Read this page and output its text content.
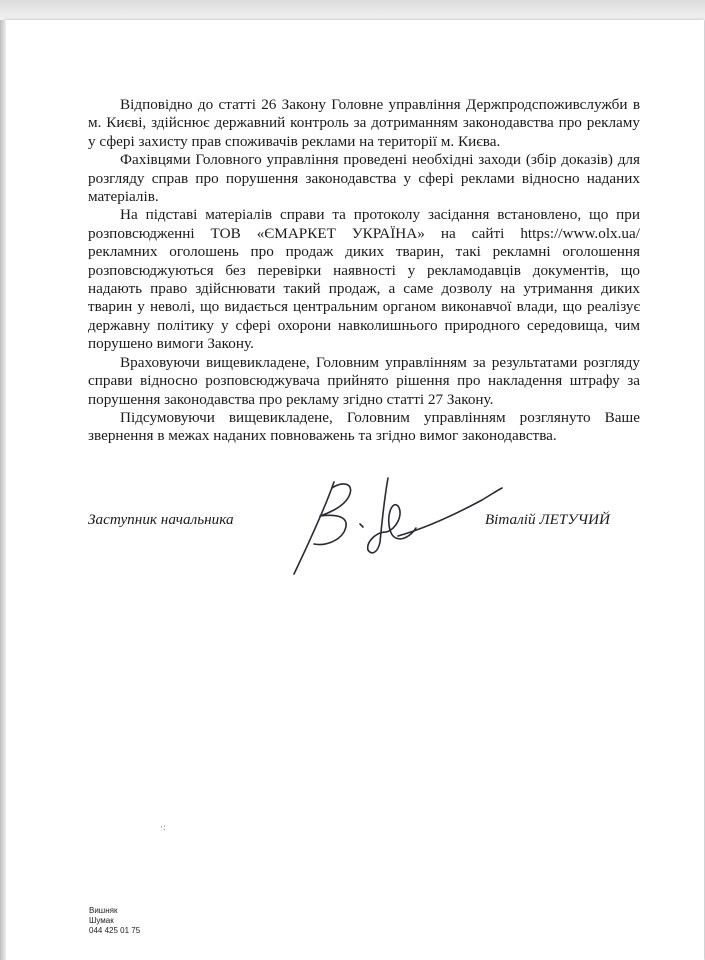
Відповідно до статті 26 Закону Головне управління Держпродспоживслужби в м. Києві, здійснює державний контроль за дотриманням законодавства про рекламу у сфері захисту прав споживачів реклами на території м. Києва.

Фахівцями Головного управління проведені необхідні заходи (збір доказів) для розгляду справ про порушення законодавства у сфері реклами відносно наданих матеріалів.

На підставі матеріалів справи та протоколу засідання встановлено, що при розповсюдженні ТОВ «ЄМАРКЕТ УКРАЇНА» на сайті https://www.olx.ua/ рекламних оголошень про продаж диких тварин, такі рекламні оголошення розповсюджуються без перевірки наявності у рекламодавців документів, що надають право здійснювати такий продаж, а саме дозволу на утримання диких тварин у неволі, що видається центральним органом виконавчої влади, що реалізує державну політику у сфері охорони навколишнього природного середовища, чим порушено вимоги Закону.

Враховуючи вищевикладене, Головним управлінням за результатами розгляду справи відносно розповсюджувача прийнято рішення про накладення штрафу за порушення законодавства про рекламу згідно статті 27 Закону.

Підсумовуючи вищевикладене, Головним управлінням розглянуто Ваше звернення в межах наданих повноважень та згідно вимог законодавства.

Заступник начальника	Віталій ЛЕТУЧИЙ
·:
Вишняк
Шумак
044 425 01 75
